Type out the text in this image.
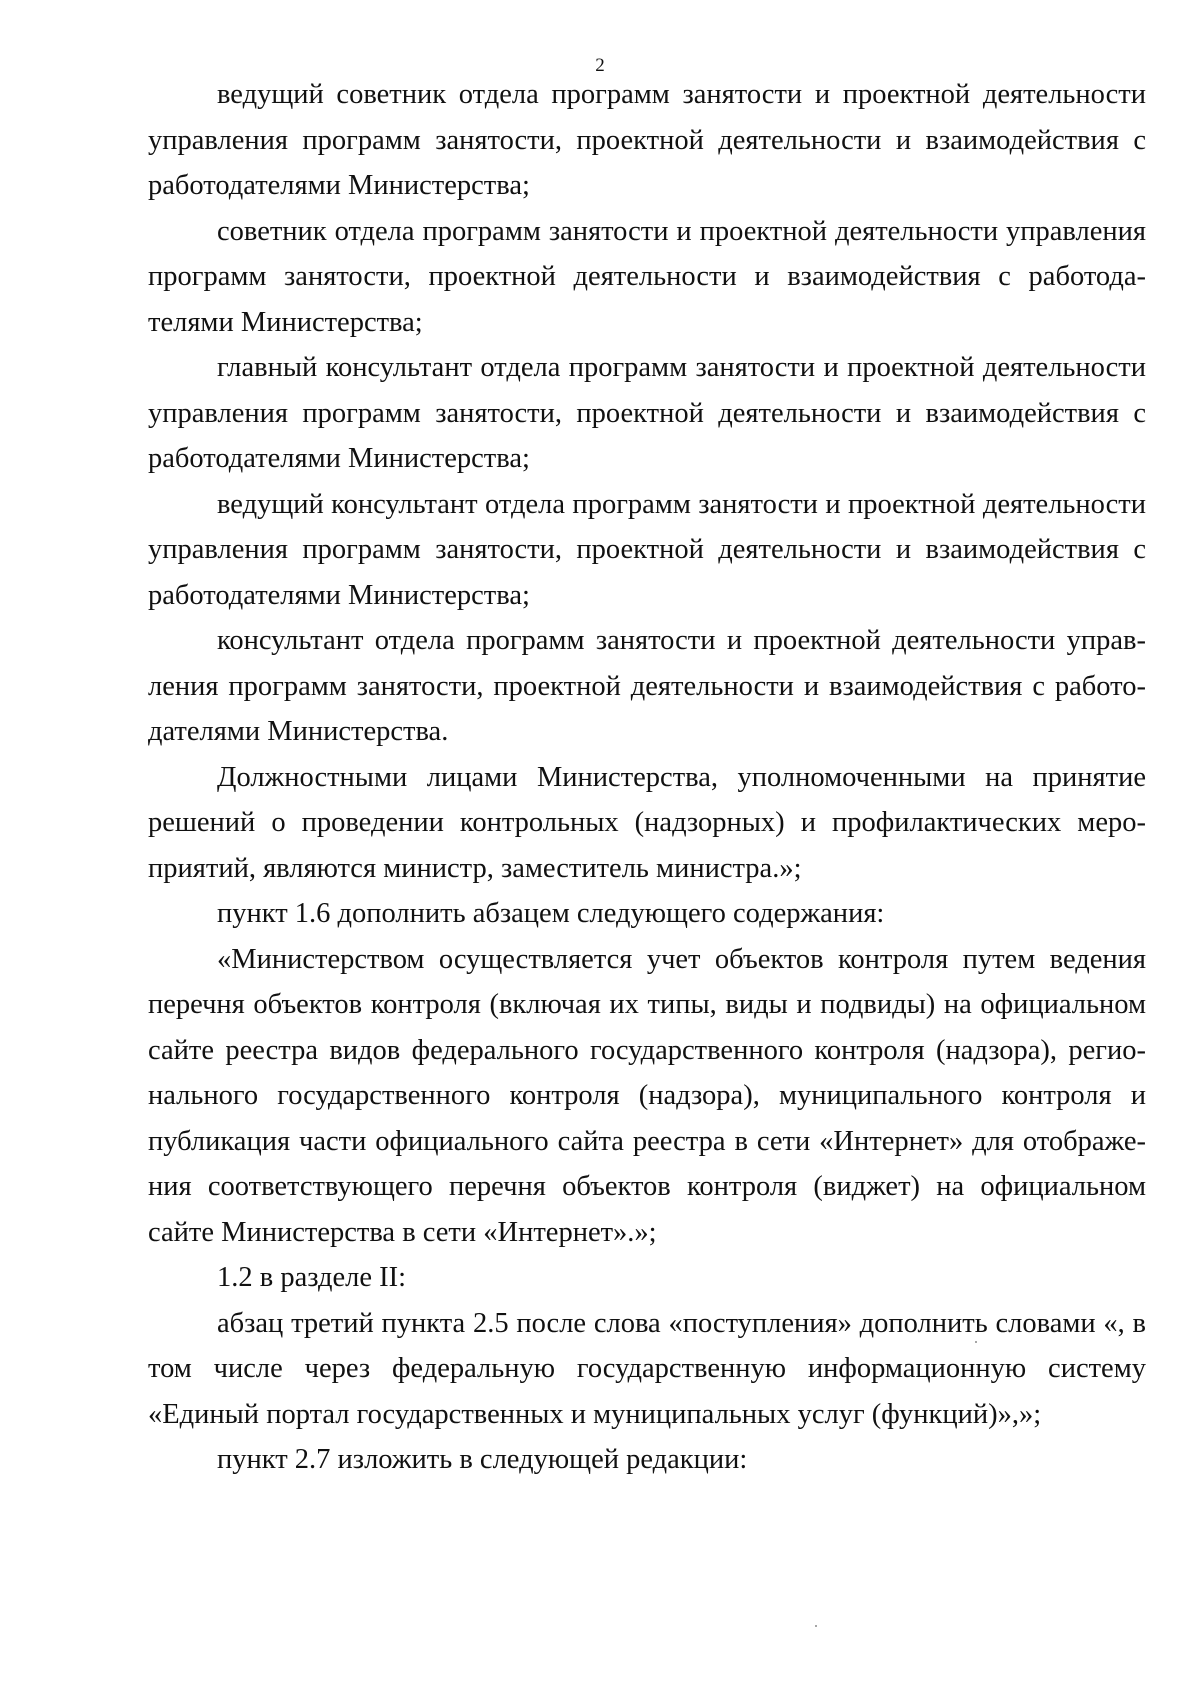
2

ведущий советник отдела программ занятости и проектной деятельности управления программ занятости, проектной деятельности и взаимодействия с работодателями Министерства;

советник отдела программ занятости и проектной деятельности управления программ занятости, проектной деятельности и взаимодействия с работодателями Министерства;

главный консультант отдела программ занятости и проектной деятельности управления программ занятости, проектной деятельности и взаимодействия с работодателями Министерства;

ведущий консультант отдела программ занятости и проектной деятельности управления программ занятости, проектной деятельности и взаимодействия с работодателями Министерства;

консультант отдела программ занятости и проектной деятельности управления программ занятости, проектной деятельности и взаимодействия с работодателями Министерства.

Должностными лицами Министерства, уполномоченными на принятие решений о проведении контрольных (надзорных) и профилактических мероприятий, являются министр, заместитель министра.»;

пункт 1.6 дополнить абзацем следующего содержания:

«Министерством осуществляется учет объектов контроля путем ведения перечня объектов контроля (включая их типы, виды и подвиды) на официальном сайте реестра видов федерального государственного контроля (надзора), регионального государственного контроля (надзора), муниципального контроля и публикация части официального сайта реестра в сети «Интернет» для отображения соответствующего перечня объектов контроля (виджет) на официальном сайте Министерства в сети «Интернет».»;

1.2 в разделе II:

абзац третий пункта 2.5 после слова «поступления» дополнить словами «, в том числе через федеральную государственную информационную систему «Единый портал государственных и муниципальных услуг (функций)»,»;

пункт 2.7 изложить в следующей редакции:
